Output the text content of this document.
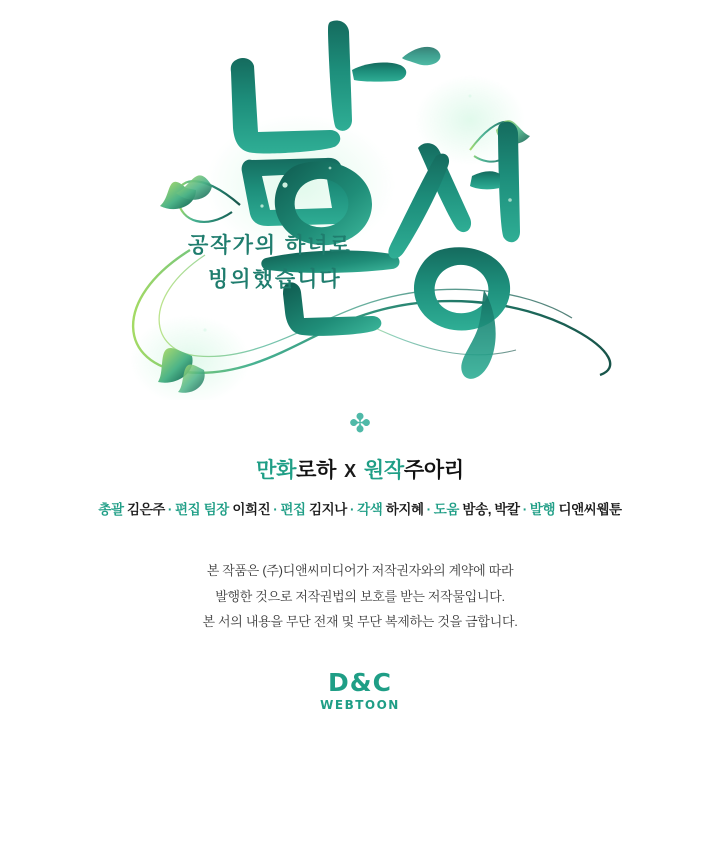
공작가의 하녀로
빙의했습니다
✤
만화로하 X 원작주아리
총괄 김은주 · 편집 팀장 이희진 · 편집 김지나 · 각색 하지혜 · 도움 밤송, 박칼 · 발행 디앤씨웹툰
본 작품은 (주)디앤씨미디어가 저작권자와의 계약에 따라
발행한 것으로 저작권법의 보호를 받는 저작물입니다.
본 서의 내용을 무단 전재 및 무단 복제하는 것을 금합니다.
D&C
WEBTOON
